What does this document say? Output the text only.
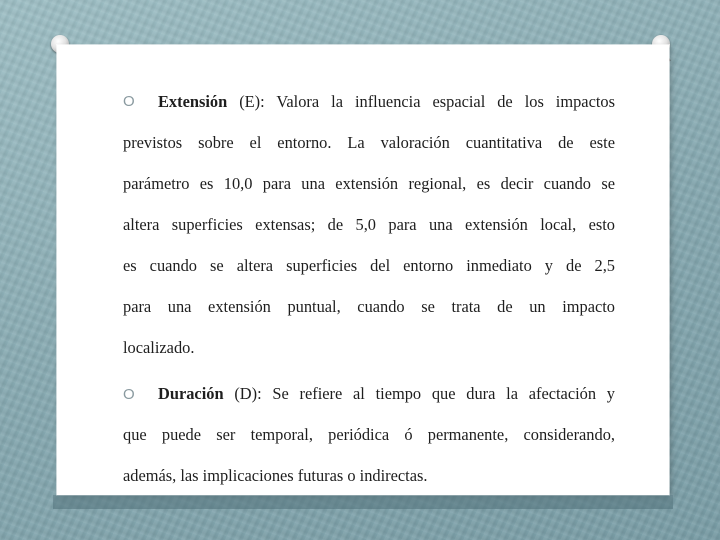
O Extensión (E): Valora la influencia espacial de los impactos
previstos sobre el entorno. La valoración cuantitativa de este
parámetro es 10,0 para una extensión regional, es decir cuando se
altera superficies extensas; de 5,0 para una extensión local, esto
es cuando se altera superficies del entorno inmediato y de 2,5
para una extensión puntual, cuando se trata de un impacto
localizado.
O Duración (D): Se refiere al tiempo que dura la afectación y
que puede ser temporal, periódica ó permanente, considerando,
además, las implicaciones futuras o indirectas.
